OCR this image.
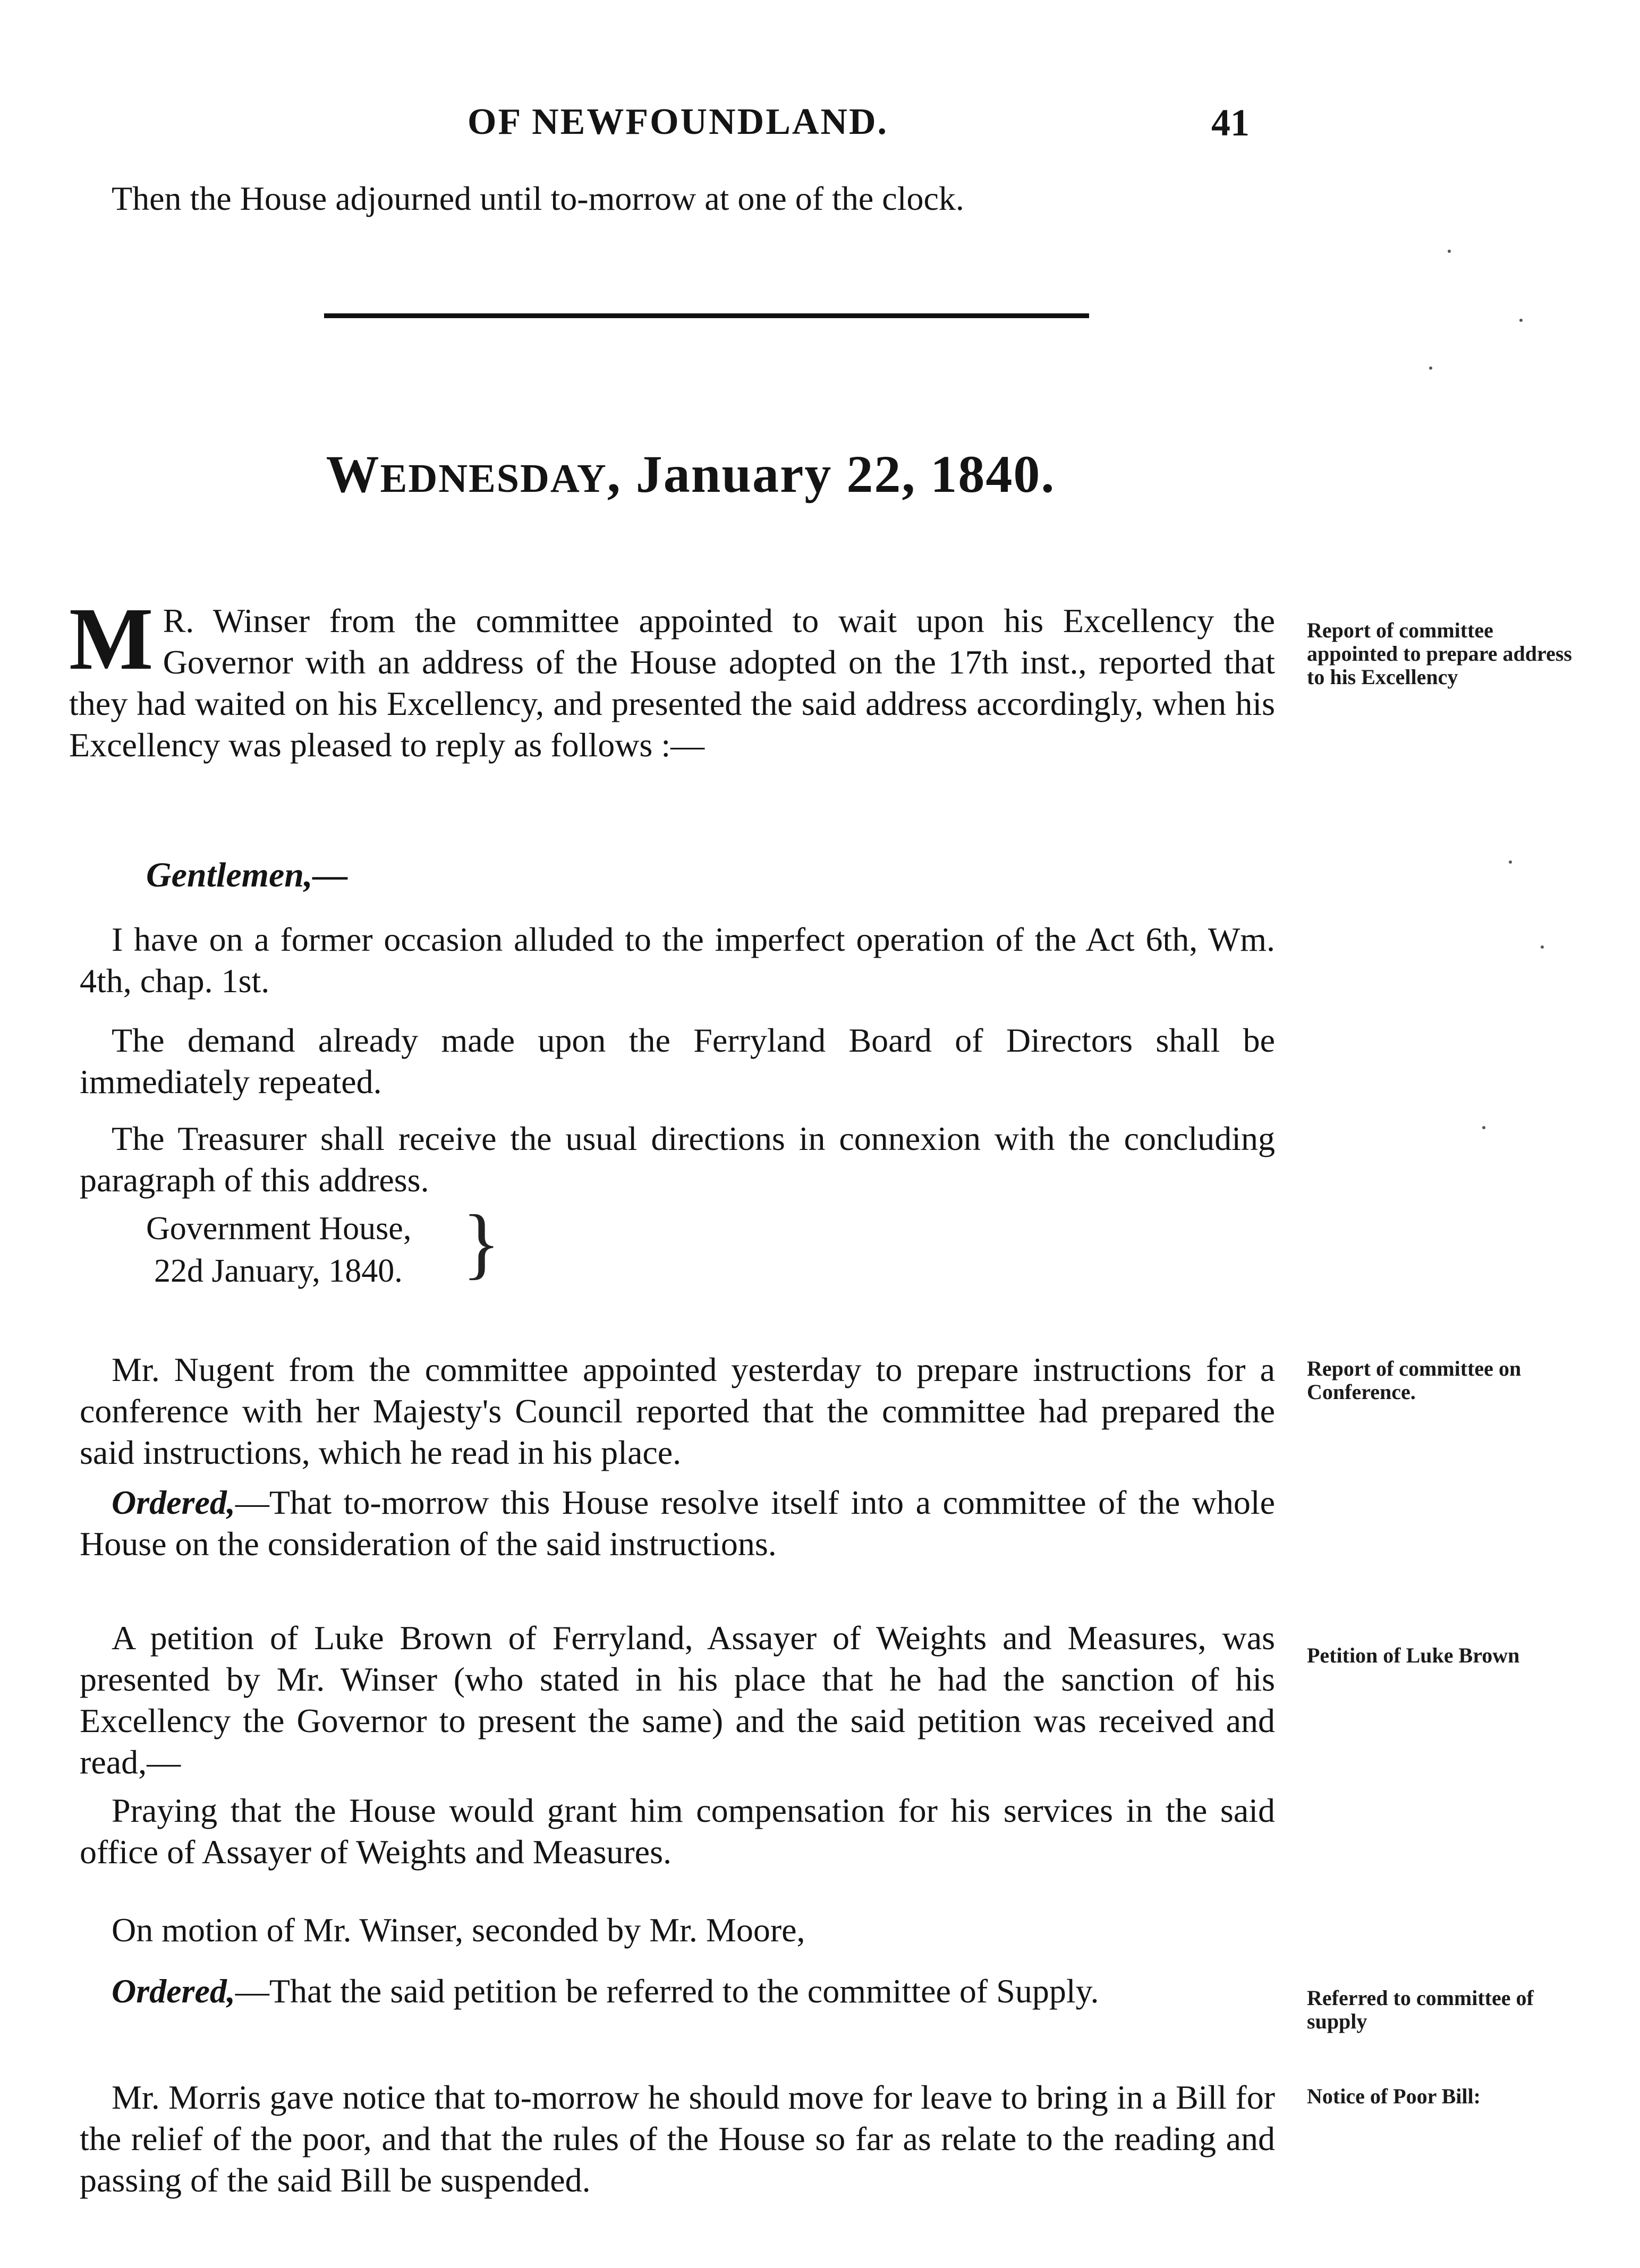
OF NEWFOUNDLAND.	41
Then the House adjourned until to-morrow at one of the clock.
WEDNESDAY, January 22, 1840.
M R. Winser from the committee appointed to wait upon his Excellency the Governor with an address of the House adopted on the 17th inst., reported that they had waited on his Excellency, and presented the said address accordingly, when his Excellency was pleased to reply as follows :—
Report of committee appointed to prepare address to his Excellency
Gentlemen,—
I have on a former occasion alluded to the imperfect operation of the Act 6th, Wm. 4th, chap. 1st.
The demand already made upon the Ferryland Board of Directors shall be immediately repeated.
The Treasurer shall receive the usual directions in connexion with the concluding paragraph of this address.
Government House,
22d January, 1840. }
Mr. Nugent from the committee appointed yesterday to prepare instructions for a conference with her Majesty's Council reported that the committee had prepared the said instructions, which he read in his place.
Report of committee on Conference.
Ordered,—That to-morrow this House resolve itself into a committee of the whole House on the consideration of the said instructions.
A petition of Luke Brown of Ferryland, Assayer of Weights and Measures, was presented by Mr. Winser (who stated in his place that he had the sanction of his Excellency the Governor to present the same) and the said petition was received and read,—
Petition of Luke Brown
Praying that the House would grant him compensation for his services in the said office of Assayer of Weights and Measures.
On motion of Mr. Winser, seconded by Mr. Moore,
Ordered,—That the said petition be referred to the committee of Supply.	Referred to committee of supply
Mr. Morris gave notice that to-morrow he should move for leave to bring in a Bill for the relief of the poor, and that the rules of the House so far as relate to the reading and passing of the said Bill be suspended.
Notice of Poor Bill:
